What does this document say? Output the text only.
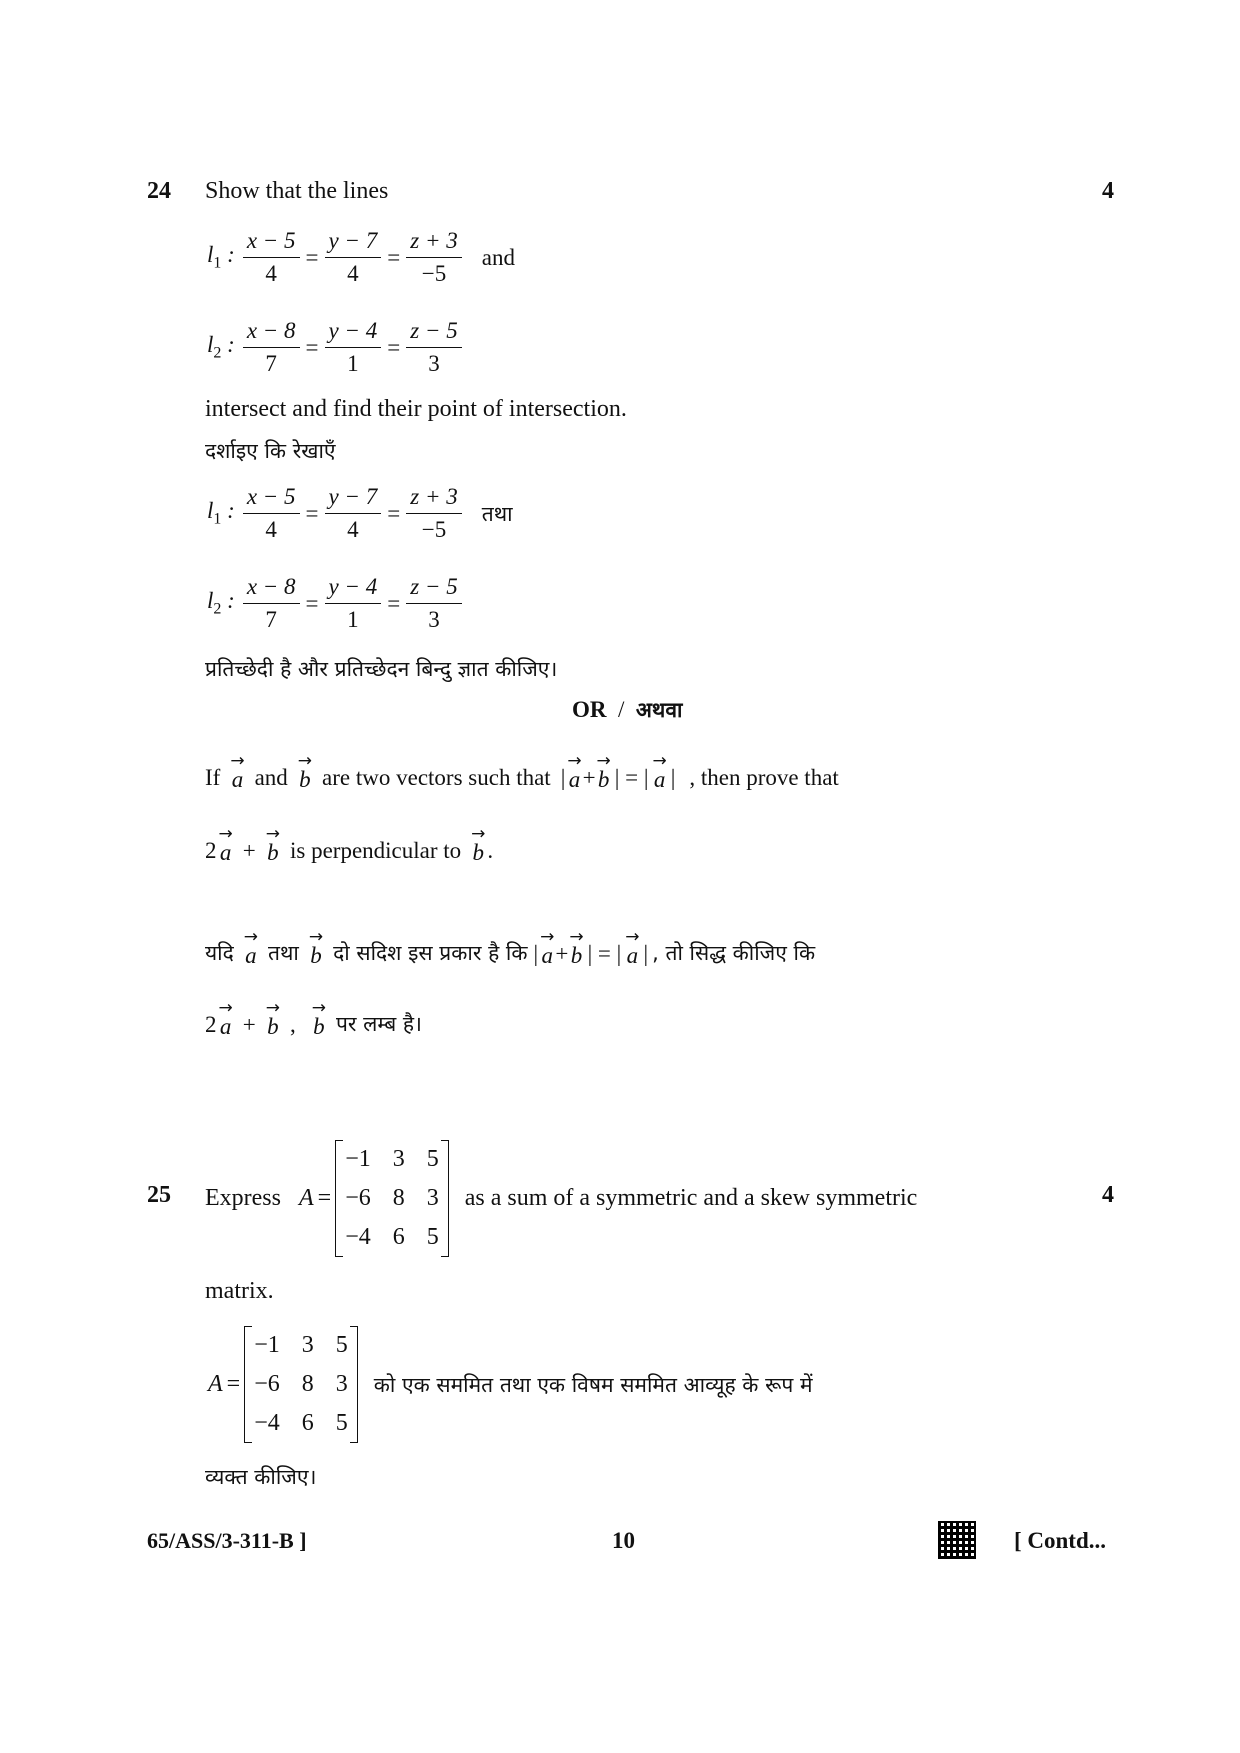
24 Show that the lines	4
$l_1$ : $\frac{x - 5}{4} = \frac{y - 7}{4} = \frac{z + 3}{-5}$ and
$l_2$ : $\frac{x - 8}{7} = \frac{y - 4}{1} = \frac{z - 5}{3}$
intersect and find their point of intersection.
दर्शाइए कि रेखाएँ
$l_1$ : $\frac{x - 5}{4} = \frac{y - 7}{4} = \frac{z + 3}{-5}$ तथा
$l_2$ : $\frac{x - 8}{7} = \frac{y - 4}{1} = \frac{z - 5}{3}$
प्रतिच्छेदी है और प्रतिच्छेदन बिन्दु ज्ञात कीजिए।
OR / अथवा
If
→
a and
→
b are two vectors such that |
→
a +
→
b | = |
→
a | , then prove that
2
→
a +
→
b is perpendicular to
→
b .
यदि
→
a तथा
→
b दो सदिश इस प्रकार है कि |
→
a +
→
b | = |
→
a | , तो सिद्ध कीजिए कि
2
→
a +
→
b ,
→
b पर लम्ब है।
25	4
Express A =
−1 3 5
−6 8 3
−4 6 5
as a sum of a symmetric and a skew symmetric
matrix.
A =
−1 3 5
−6 8 3
−4 6 5
को एक सममित तथा एक विषम सममित आव्यूह के रूप में
व्यक्त कीजिए।
65/ASS/3-311-B ]	10	[ Contd...
